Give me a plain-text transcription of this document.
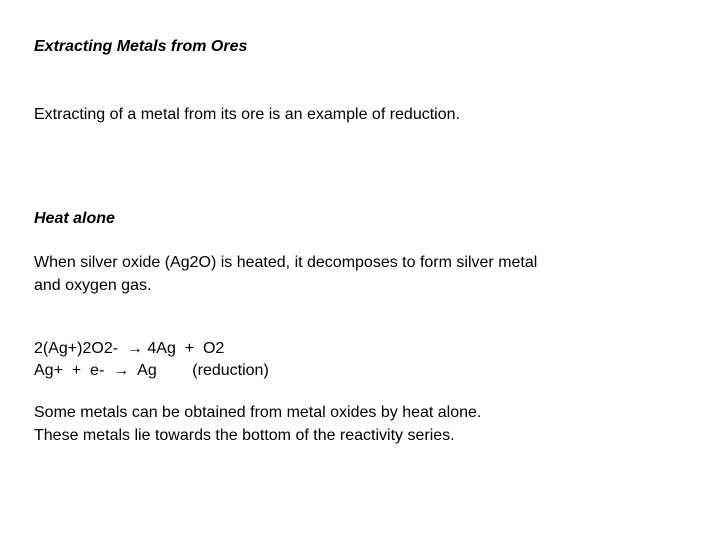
Extracting Metals from Ores

Extracting of a metal from its ore is an example of reduction.

Heat alone

When silver oxide (Ag2O) is heated, it decomposes to form silver metal

and oxygen gas.

2(Ag+)2O2-  → 4Ag  +  O2

Ag+  +  e-  →  Ag        (reduction)

Some metals can be obtained from metal oxides by heat alone.

These metals lie towards the bottom of the reactivity series.
